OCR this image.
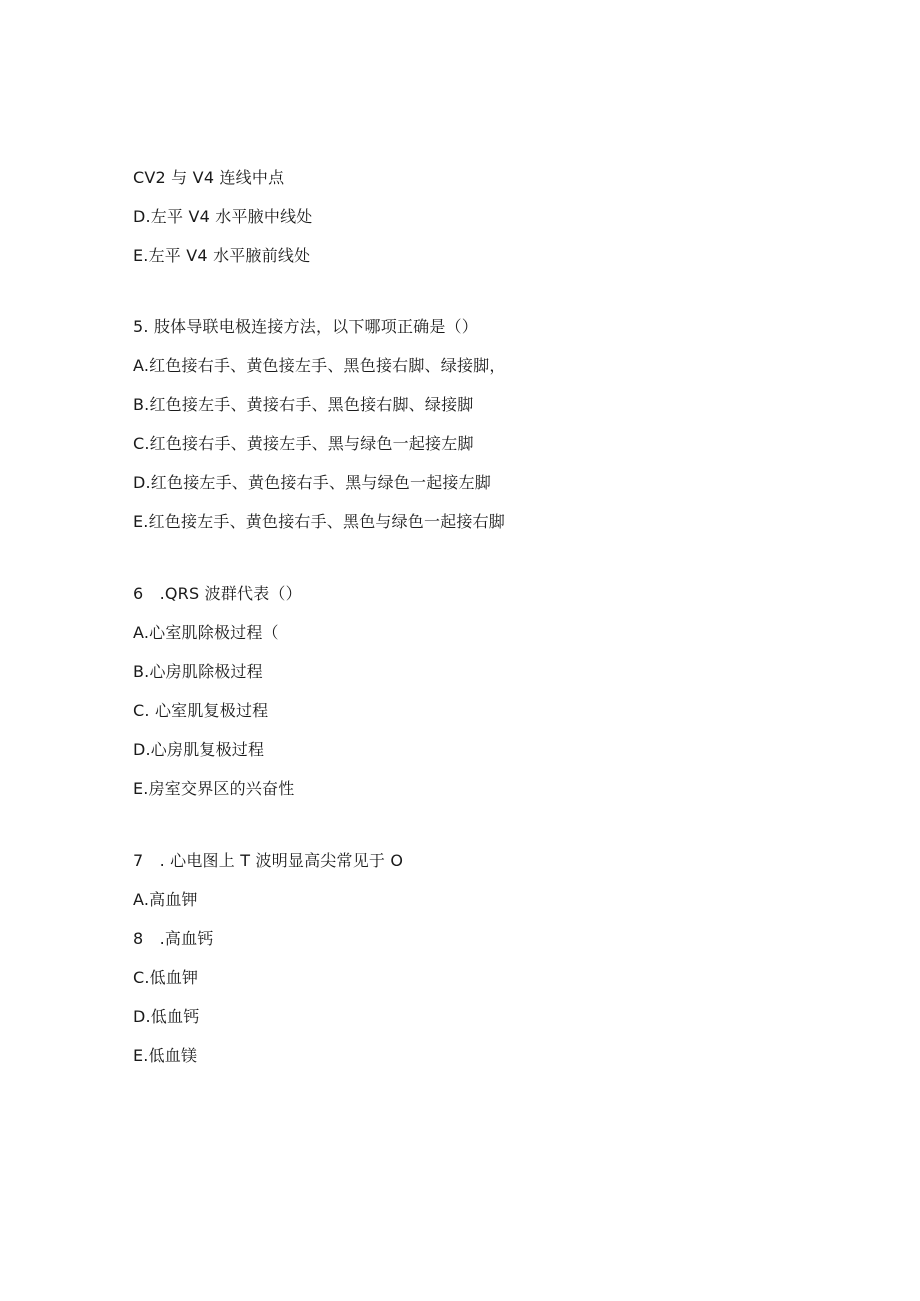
CV2 与 V4 连线中点
D.左平 V4 水平腋中线处
E.左平 V4 水平腋前线处
5. 肢体导联电极连接方法，以下哪项正确是（）
A.红色接右手、黄色接左手、黑色接右脚、绿接脚，
B.红色接左手、黄接右手、黑色接右脚、绿接脚
C.红色接右手、黄接左手、黑与绿色一起接左脚
D.红色接左手、黄色接右手、黑与绿色一起接左脚
E.红色接左手、黄色接右手、黑色与绿色一起接右脚
6　.QRS 波群代表（）
A.心室肌除极过程（
B.心房肌除极过程
C. 心室肌复极过程
D.心房肌复极过程
E.房室交界区的兴奋性
7　. 心电图上 T 波明显高尖常见于 O
A.高血钾
8　.高血钙
C.低血钾
D.低血钙
E.低血镁
